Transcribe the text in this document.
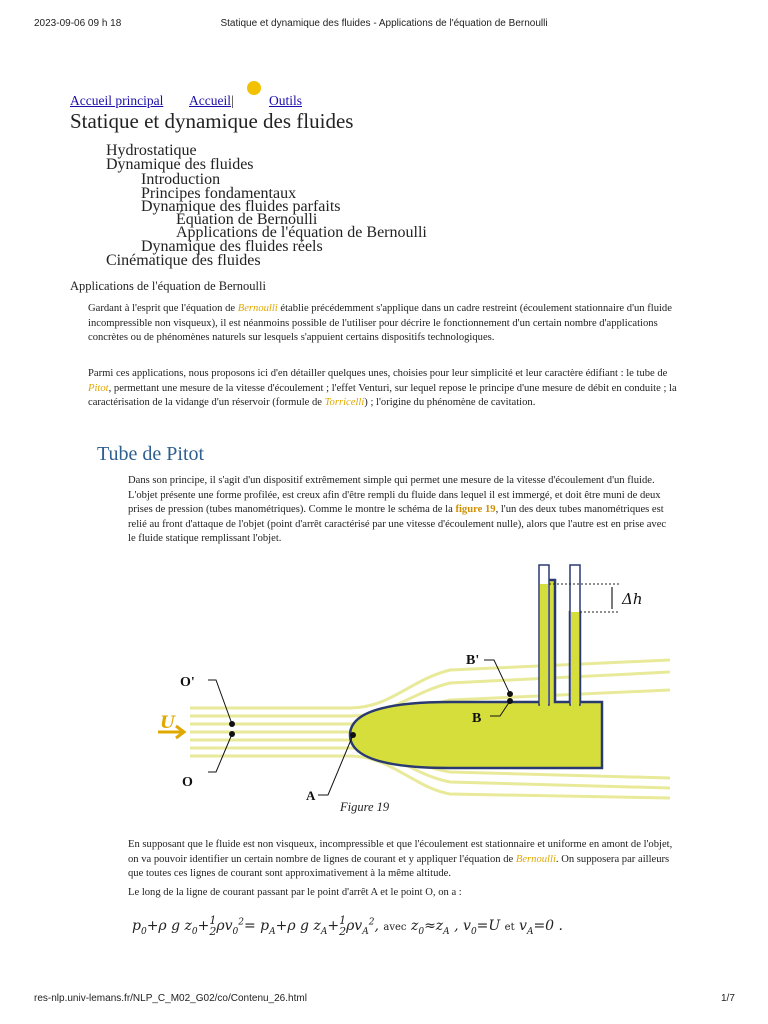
2023-09-06 09 h 18	Statique et dynamique des fluides - Applications de l'équation de Bernoulli
Accueil principal Accueil |	Outils
Statique et dynamique des fluides
Hydrostatique
Dynamique des fluides
Introduction
Principes fondamentaux
Dynamique des fluides parfaits
Équation de Bernoulli
Applications de l'équation de Bernoulli
Dynamique des fluides réels
Cinématique des fluides
Applications de l'équation de Bernoulli

Gardant à l'esprit que l'équation de Bernoulli établie précédemment s'applique dans un cadre restreint (écoulement stationnaire d'un fluide incompressible non visqueux), il est néanmoins possible de l'utiliser pour décrire le fonctionnement d'un certain nombre d'applications concrètes ou de phénomènes naturels sur lesquels s'appuient certains dispositifs technologiques.

Parmi ces applications, nous proposons ici d'en détailler quelques unes, choisies pour leur simplicité et leur caractère édifiant : le tube de Pitot, permettant une mesure de la vitesse d'écoulement ; l'effet Venturi, sur lequel repose le principe d'une mesure de débit en conduite ; la caractérisation de la vidange d'un réservoir (formule de Torricelli) ; l'origine du phénomène de cavitation.

Tube de Pitot

Dans son principe, il s'agit d'un dispositif extrêmement simple qui permet une mesure de la vitesse d'écoulement d'un fluide. L'objet présente une forme profilée, est creux afin d'être rempli du fluide dans lequel il est immergé, et doit être muni de deux prises de pression (tubes manométriques). Comme le montre le schéma de la figure 19, l'un des deux tubes manométriques est relié au front d'attaque de l'objet (point d'arrêt caractérisé par une vitesse d'écoulement nulle), alors que l'autre est en prise avec le fluide statique remplissant l'objet.

Δh
U
O'
O
A
B'
B
Figure 19

En supposant que le fluide est non visqueux, incompressible et que l'écoulement est stationnaire et uniforme en amont de l'objet, on va pouvoir identifier un certain nombre de lignes de courant et y appliquer l'équation de Bernoulli. On supposera par ailleurs que toutes ces lignes de courant sont approximativement à la même altitude.

Le long de la ligne de courant passant par le point d'arrêt A et le point O, on a :

$p_0+\rho$ g $z_0+1$
$2\rho v_0^2= p_A+\rho$ g $z_A+1$
$2\rho v_A^2$, avec $z_0\approx z_A$ , $v_0=U$ et $v_A=0$ .
res-nlp.univ-lemans.fr/NLP_C_M02_G02/co/Contenu_26.html	1/7
